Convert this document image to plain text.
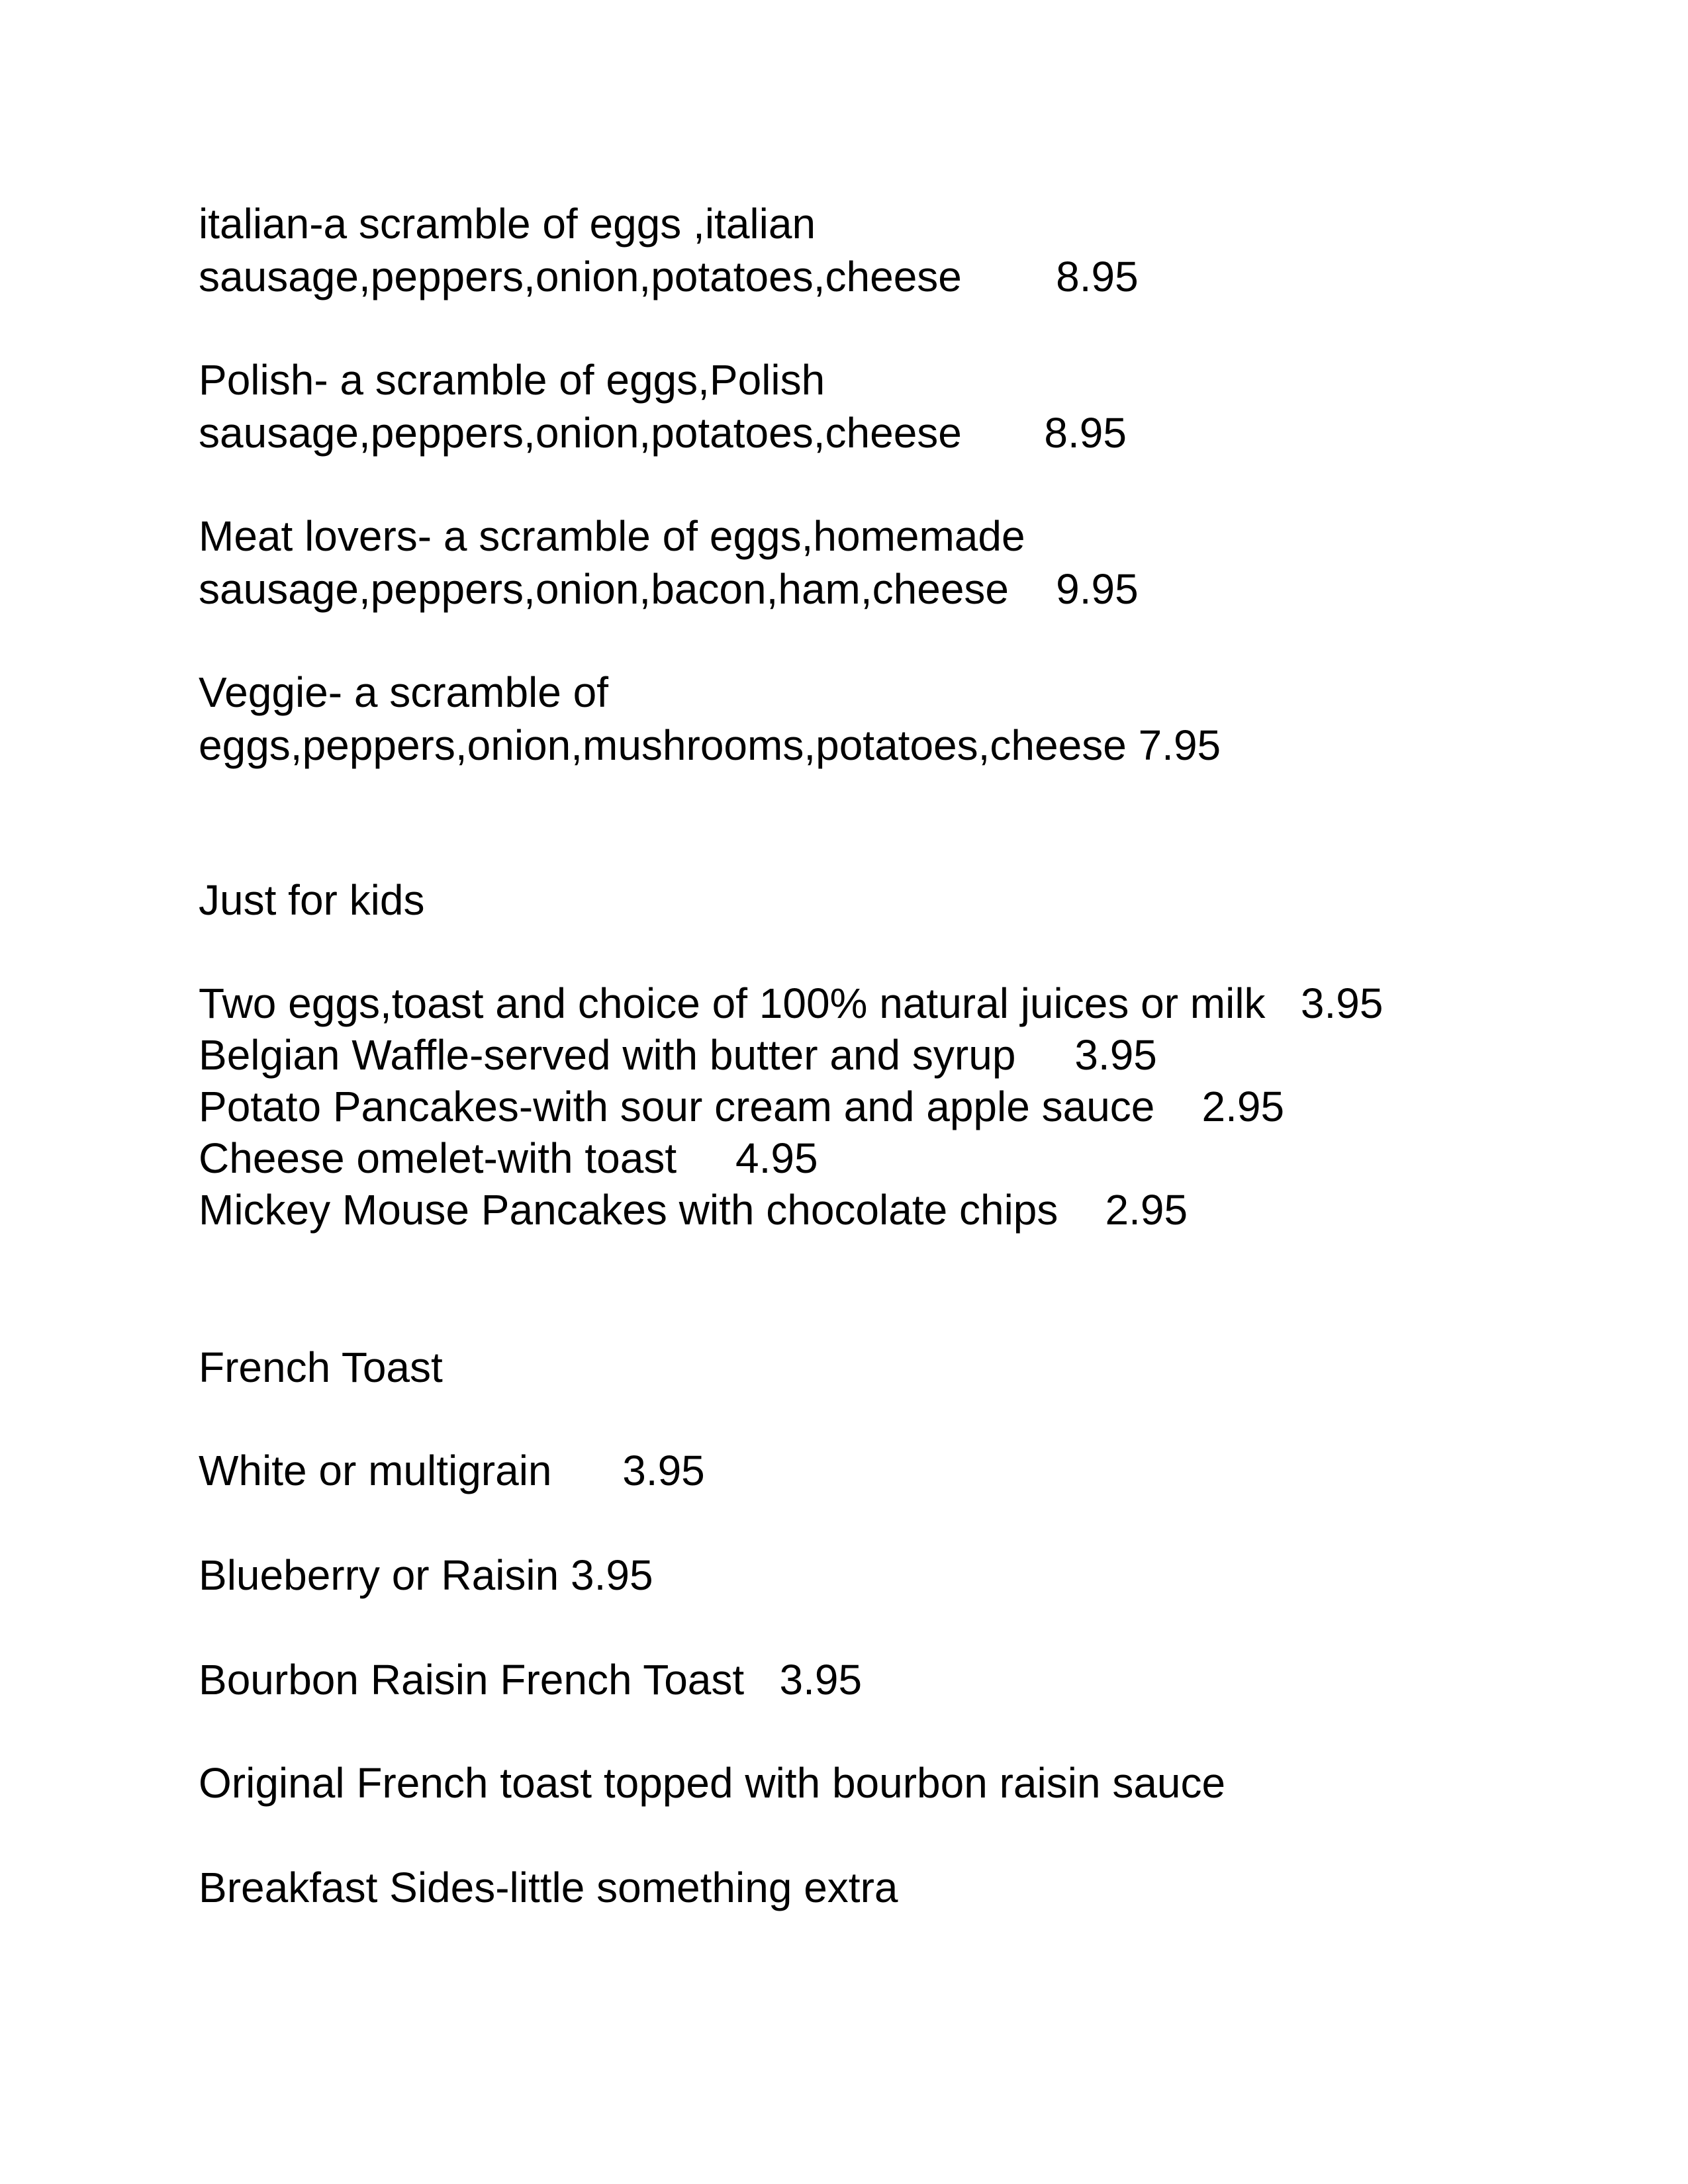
italian-a scramble of eggs ,italian

sausage,peppers,onion,potatoes,cheese        8.95

Polish- a scramble of eggs,Polish

sausage,peppers,onion,potatoes,cheese       8.95

Meat lovers- a scramble of eggs,homemade

sausage,peppers,onion,bacon,ham,cheese    9.95

Veggie- a scramble of

eggs,peppers,onion,mushrooms,potatoes,cheese 7.95

Just for kids

Two eggs,toast and choice of 100% natural juices or milk   3.95

Belgian Waffle-served with butter and syrup     3.95

Potato Pancakes-with sour cream and apple sauce    2.95

Cheese omelet-with toast     4.95

Mickey Mouse Pancakes with chocolate chips    2.95

French Toast

White or multigrain      3.95

Blueberry or Raisin 3.95

Bourbon Raisin French Toast   3.95

Original French toast topped with bourbon raisin sauce

Breakfast Sides-little something extra
